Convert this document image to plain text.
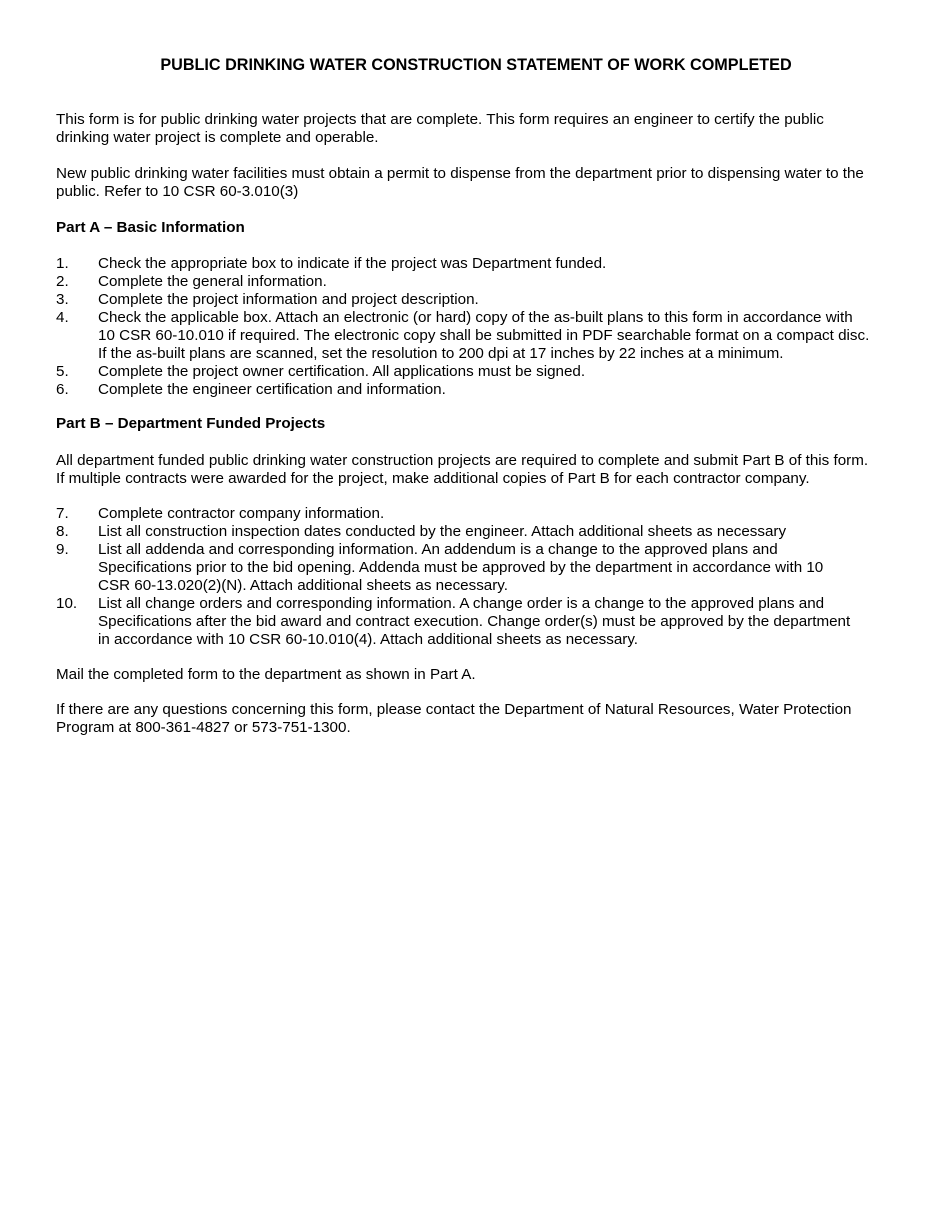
PUBLIC DRINKING WATER CONSTRUCTION STATEMENT OF WORK COMPLETED

This form is for public drinking water projects that are complete. This form requires an engineer to certify the public
drinking water project is complete and operable.

New public drinking water facilities must obtain a permit to dispense from the department prior to dispensing water to the
public. Refer to 10 CSR 60-3.010(3)

Part A – Basic Information

1.	Check the appropriate box to indicate if the project was Department funded.
2.	Complete the general information.
3.	Complete the project information and project description.
4.	Check the applicable box. Attach an electronic (or hard) copy of the as-built plans to this form in accordance with
10 CSR 60-10.010 if required. The electronic copy shall be submitted in PDF searchable format on a compact disc.
If the as-built plans are scanned, set the resolution to 200 dpi at 17 inches by 22 inches at a minimum.
5.	Complete the project owner certification. All applications must be signed.
6.	Complete the engineer certification and information.

Part B – Department Funded Projects

All department funded public drinking water construction projects are required to complete and submit Part B of this form.
If multiple contracts were awarded for the project, make additional copies of Part B for each contractor company.

7.	Complete contractor company information.
8.	List all construction inspection dates conducted by the engineer. Attach additional sheets as necessary
9.	List all addenda and corresponding information. An addendum is a change to the approved plans and
Specifications prior to the bid opening. Addenda must be approved by the department in accordance with 10
CSR 60-13.020(2)(N). Attach additional sheets as necessary.
10.	List all change orders and corresponding information. A change order is a change to the approved plans and
Specifications after the bid award and contract execution. Change order(s) must be approved by the department
in accordance with 10 CSR 60-10.010(4). Attach additional sheets as necessary.

Mail the completed form to the department as shown in Part A.

If there are any questions concerning this form, please contact the Department of Natural Resources, Water Protection
Program at 800-361-4827 or 573-751-1300.
